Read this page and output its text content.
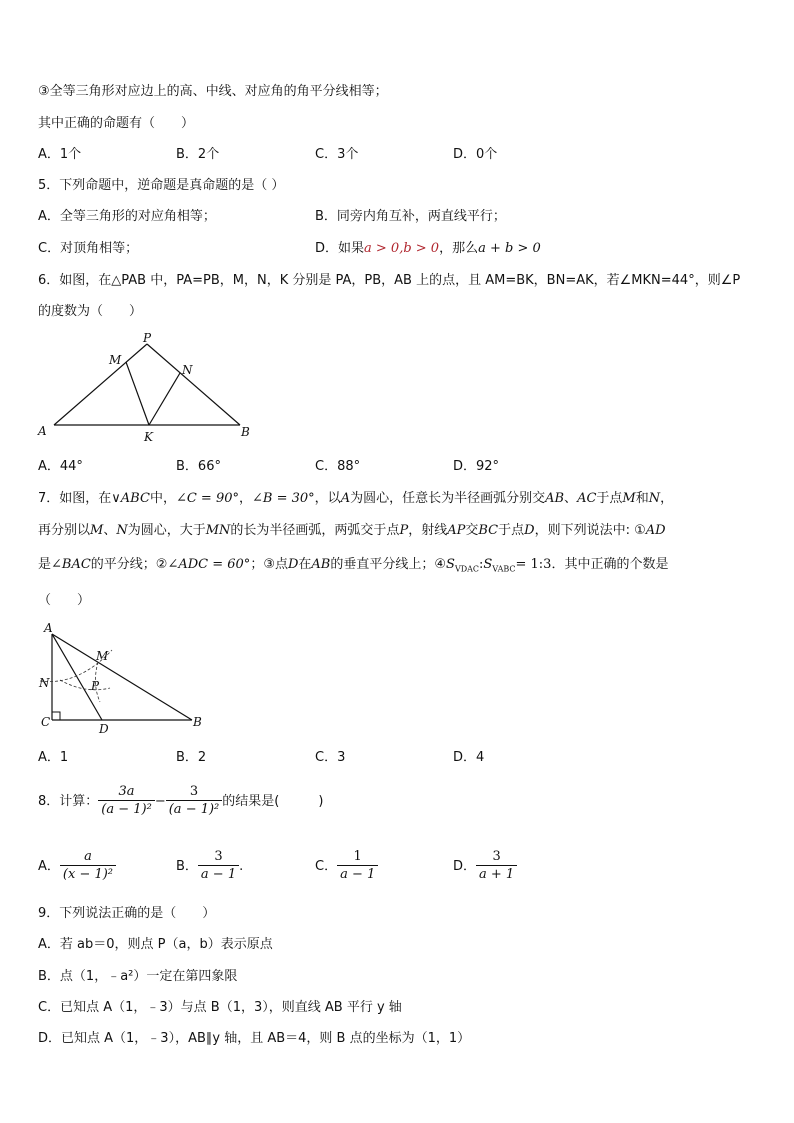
③全等三角形对应边上的高、中线、对应角的角平分线相等；
其中正确的命题有（　　）
A．1个	B．2个	C．3个	D．0个
5．下列命题中，逆命题是真命题的是（ ）
A．全等三角形的对应角相等；	B．同旁内角互补，两直线平行；
C．对顶角相等；	D．如果a > 0,b > 0，那么a + b > 0
6．如图，在△PAB 中，PA=PB，M，N，K 分别是 PA，PB，AB 上的点，且 AM=BK，BN=AK，若∠MKN=44°，则∠P
的度数为（　　）
P
M
N
A	K	B
A．44°	B．66°	C．88°	D．92°
7．如图，在∨ABC中，∠C = 90°，∠B = 30°，以A为圆心，任意长为半径画弧分别交AB、AC于点M和N，
再分别以M、N为圆心，大于MN的长为半径画弧，两弧交于点P，射线AP交BC于点D，则下列说法中: ①AD
是∠BAC的平分线；②∠ADC = 60°；③点D在AB的垂直平分线上；$④S_{VDAC}:S_{VABC}=$ 1:3．其中正确的个数是
（　　）
A
M
N	P
C	D	B
A．1	B．2	C．3	D．4
8．计算： $\frac{3a}{\text{(a − 1)²}} - \frac{3}{\text{(a − 1)²}}$ 的结果是(　　　)
A． $\frac{a}{\text{(x − 1)²}}$	B． $\frac{3}{a - 1}$ .	C． $\frac{1}{a - 1}$	D． $\frac{3}{a + 1}$
9．下列说法正确的是（　　）
A．若 ab＝0，则点 P（a，b）表示原点
B．点（1，﹣a²）一定在第四象限
C．已知点 A（1，﹣3）与点 B（1，3），则直线 AB 平行 y 轴
D．已知点 A（1，﹣3），AB∥y 轴，且 AB＝4，则 B 点的坐标为（1，1）
